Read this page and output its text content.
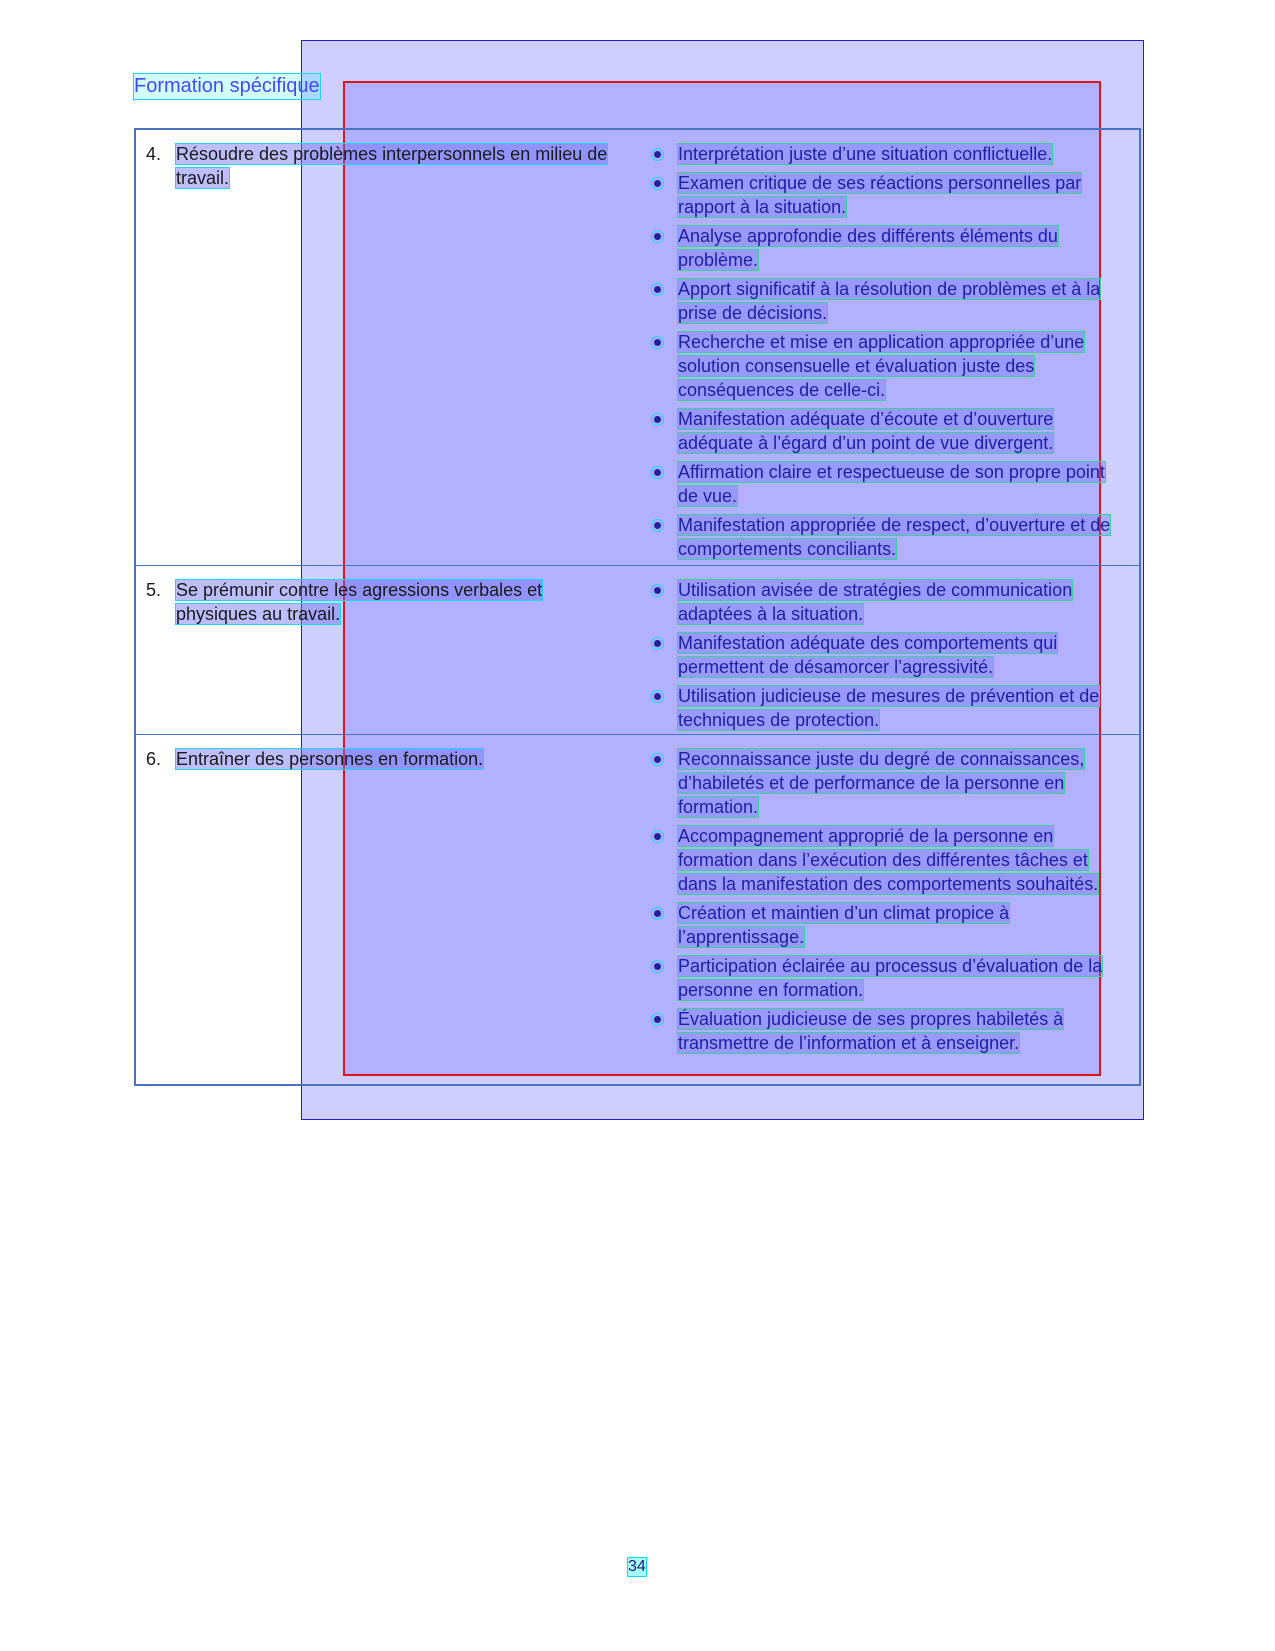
Formation spécifique
4. Résoudre des problèmes interpersonnels en milieu de travail.
Interprétation juste d’une situation conflictuelle.
Examen critique de ses réactions personnelles par rapport à la situation.
Analyse approfondie des différents éléments du problème.
Apport significatif à la résolution de problèmes et à la prise de décisions.
Recherche et mise en application appropriée d’une solution consensuelle et évaluation juste des conséquences de celle-ci.
Manifestation adéquate d’écoute et d’ouverture adéquate à l’égard d’un point de vue divergent.
Affirmation claire et respectueuse de son propre point de vue.
Manifestation appropriée de respect, d’ouverture et de comportements conciliants.
5. Se prémunir contre les agressions verbales et physiques au travail.
Utilisation avisée de stratégies de communication adaptées à la situation.
Manifestation adéquate des comportements qui permettent de désamorcer l’agressivité.
Utilisation judicieuse de mesures de prévention et de techniques de protection.
6. Entraîner des personnes en formation.	Reconnaissance juste du degré de connaissances, d’habiletés et de performance de la personne en formation.
Accompagnement approprié de la personne en formation dans l’exécution des différentes tâches et dans la manifestation des comportements souhaités.
Création et maintien d’un climat propice à l’apprentissage.
Participation éclairée au processus d’évaluation de la personne en formation.
Évaluation judicieuse de ses propres habiletés à transmettre de l’information et à enseigner.
34
